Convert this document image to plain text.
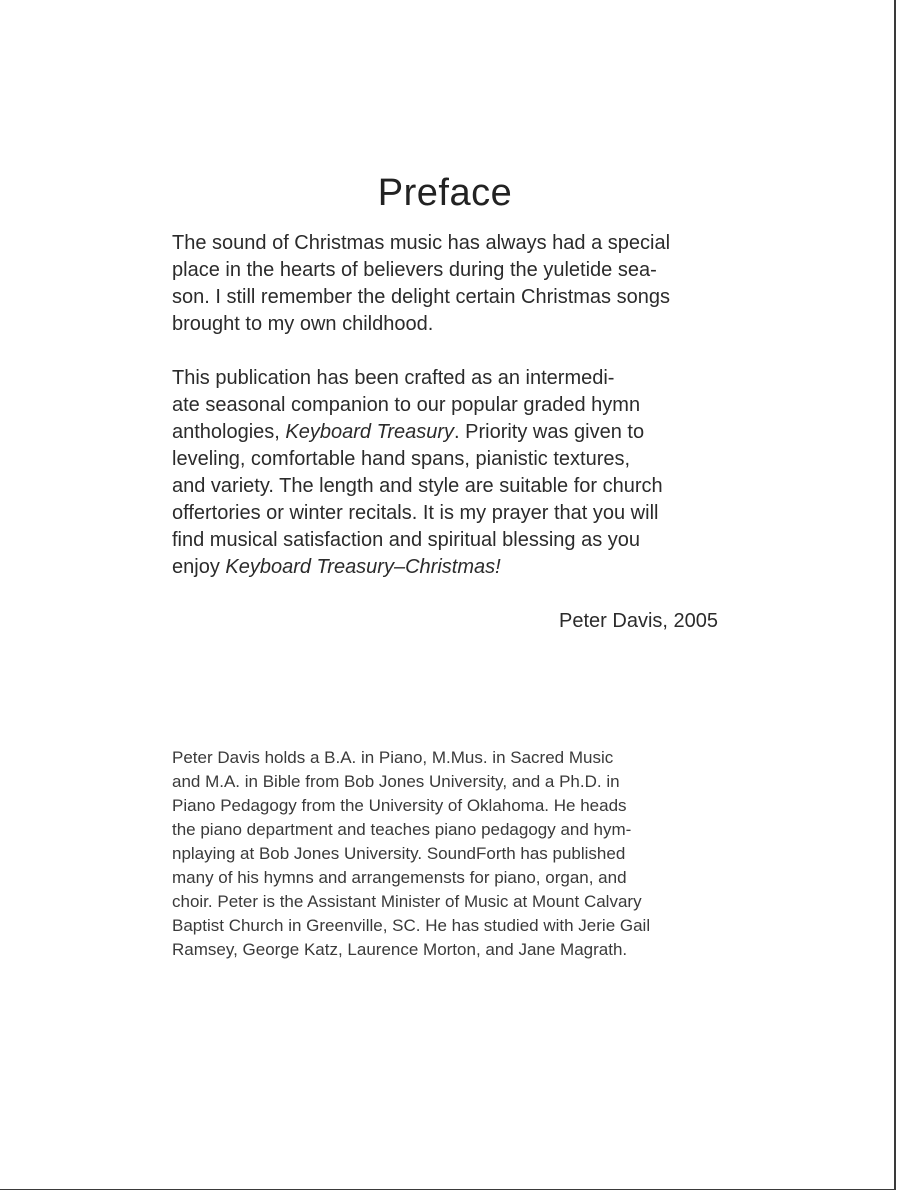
Preface

The sound of Christmas music has always had a special
place in the hearts of believers during the yuletide sea-
son. I still remember the delight certain Christmas songs
brought to my own childhood.

This publication has been crafted as an intermedi-
ate seasonal companion to our popular graded hymn
anthologies, Keyboard Treasury. Priority was given to
leveling, comfortable hand spans, pianistic textures,
and variety. The length and style are suitable for church
offertories or winter recitals. It is my prayer that you will
find musical satisfaction and spiritual blessing as you
enjoy Keyboard Treasury–Christmas!

Peter Davis, 2005

Peter Davis holds a B.A. in Piano, M.Mus. in Sacred Music
and M.A. in Bible from Bob Jones University, and a Ph.D. in
Piano Pedagogy from the University of Oklahoma. He heads
the piano department and teaches piano pedagogy and hym-
nplaying at Bob Jones University. SoundForth has published
many of his hymns and arrangemensts for piano, organ, and
choir. Peter is the Assistant Minister of Music at Mount Calvary
Baptist Church in Greenville, SC. He has studied with Jerie Gail
Ramsey, George Katz, Laurence Morton, and Jane Magrath.
